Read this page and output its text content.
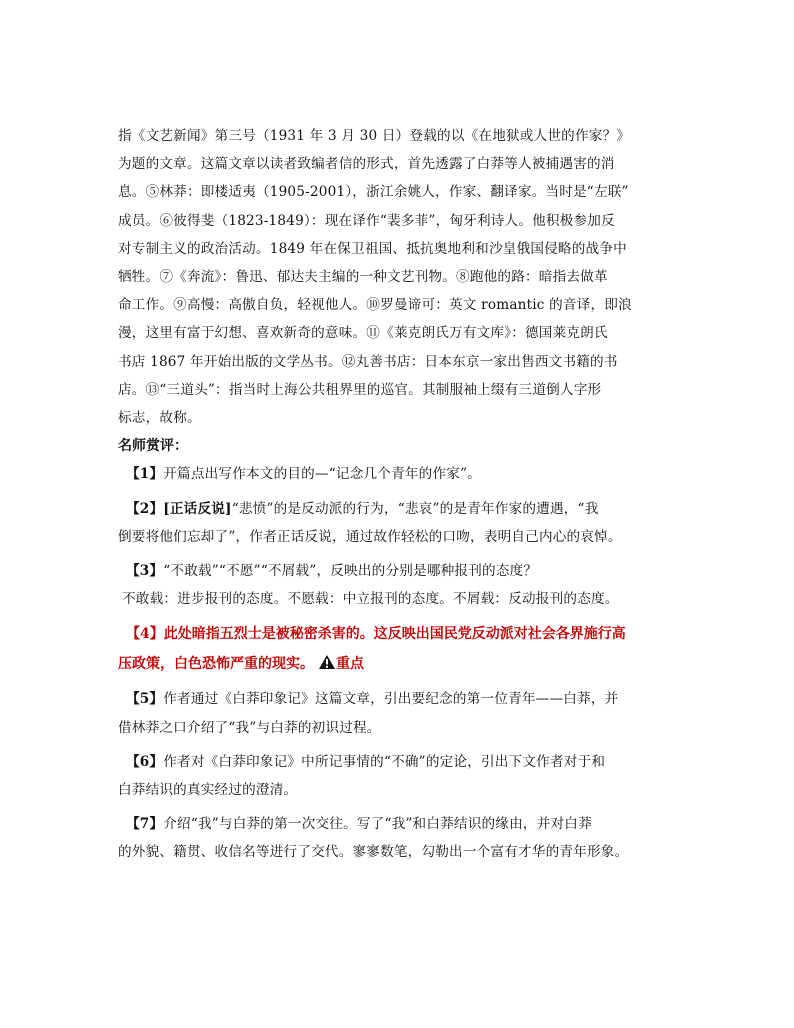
指《文艺新闻》第三号（1931 年 3 月 30 日）登载的以《在地狱或人世的作家？》
为题的文章。这篇文章以读者致编者信的形式，首先透露了白莽等人被捕遇害的消
息。⑤林莽：即楼适夷（1905-2001），浙江余姚人，作家、翻译家。当时是“左联”
成员。⑥彼得斐（1823-1849）：现在译作“裴多菲”，匈牙利诗人。他积极参加反
对专制主义的政治活动。1849 年在保卫祖国、抵抗奥地利和沙皇俄国侵略的战争中
牺牲。⑦《奔流》：鲁迅、郁达夫主编的一种文艺刊物。⑧跑他的路：暗指去做革
命工作。⑨高慢：高傲自负，轻视他人。⑩罗曼谛可：英文 romantic 的音译，即浪
漫，这里有富于幻想、喜欢新奇的意味。⑪《莱克朗氏万有文库》：德国莱克朗氏
书店 1867 年开始出版的文学丛书。⑫丸善书店：日本东京一家出售西文书籍的书
店。⑬“三道头”：指当时上海公共租界里的巡官。其制服袖上缀有三道倒人字形
标志，故称。
名师赏评：
【1】开篇点出写作本文的目的—“记念几个青年的作家”。
【2】[正话反说]“悲愤”的是反动派的行为，“悲哀”的是青年作家的遭遇，“我
倒要将他们忘却了”，作者正话反说，通过故作轻松的口吻，表明自己内心的哀悼。
【3】“不敢载”“不愿”“不屑载”，反映出的分别是哪种报刊的态度？
不敢载：进步报刊的态度。不愿载：中立报刊的态度。不屑载：反动报刊的态度。
【4】此处暗指五烈士是被秘密杀害的。这反映出国民党反动派对社会各界施行高
压政策，白色恐怖严重的现实。 重点
【5】作者通过《白莽印象记》这篇文章，引出要纪念的第一位青年——白莽，并
借林莽之口介绍了“我”与白莽的初识过程。
【6】作者对《白莽印象记》中所记事情的“不确”的定论，引出下文作者对于和
白莽结识的真实经过的澄清。
【7】介绍“我”与白莽的第一次交往。写了“我”和白莽结识的缘由，并对白莽
的外貌、籍贯、收信名等进行了交代。寥寥数笔，勾勒出一个富有才华的青年形象。
